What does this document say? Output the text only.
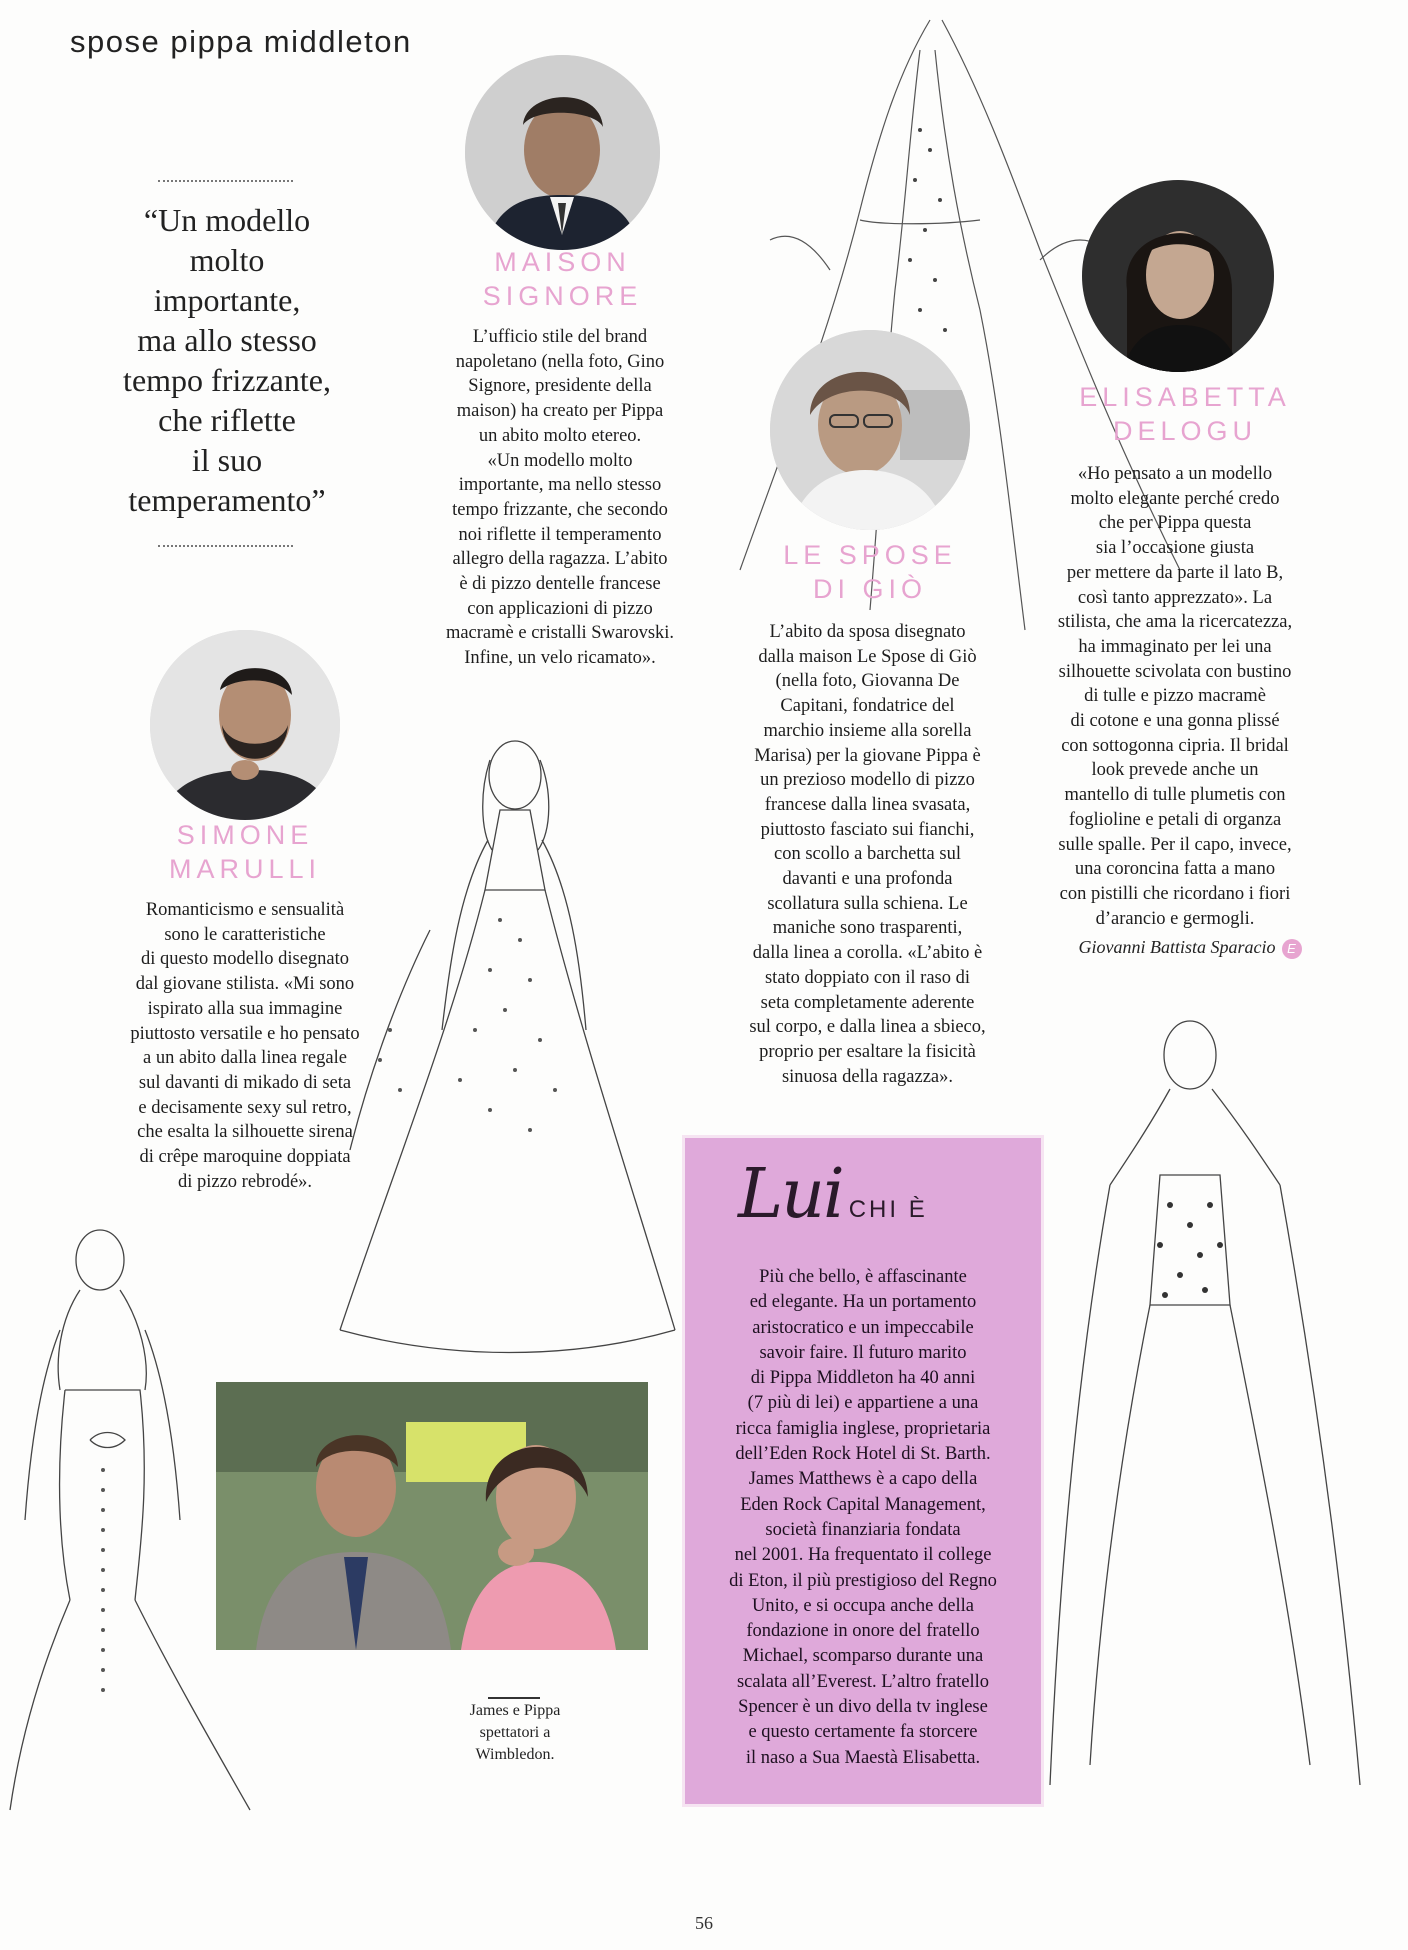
spose pippa middleton
“Un modello
molto
importante,
ma allo stesso
tempo frizzante,
che riflette
il suo
temperamento”
MAISON
SIGNORE
L’ufficio stile del brand
napoletano (nella foto, Gino
Signore, presidente della
maison) ha creato per Pippa
un abito molto etereo.
«Un modello molto
importante, ma nello stesso
tempo frizzante, che secondo
noi riflette il temperamento
allegro della ragazza. L’abito
è di pizzo dentelle francese
con applicazioni di pizzo
macramè e cristalli Swarovski.
Infine, un velo ricamato».
LE SPOSE
DI GIÒ
L’abito da sposa disegnato
dalla maison Le Spose di Giò
(nella foto, Giovanna De
Capitani, fondatrice del
marchio insieme alla sorella
Marisa) per la giovane Pippa è
un prezioso modello di pizzo
francese dalla linea svasata,
piuttosto fasciato sui fianchi,
con scollo a barchetta sul
davanti e una profonda
scollatura sulla schiena. Le
maniche sono trasparenti,
dalla linea a corolla. «L’abito è
stato doppiato con il raso di
seta completamente aderente
sul corpo, e dalla linea a sbieco,
proprio per esaltare la fisicità
sinuosa della ragazza».
ELISABETTA
DELOGU
«Ho pensato a un modello
molto elegante perché credo
che per Pippa questa
sia l’occasione giusta
per mettere da parte il lato B,
così tanto apprezzato». La
stilista, che ama la ricercatezza,
ha immaginato per lei una
silhouette scivolata con bustino
di tulle e pizzo macramè
di cotone e una gonna plissé
con sottogonna cipria. Il bridal
look prevede anche un
mantello di tulle plumetis con
foglioline e petali di organza
sulle spalle. Per il capo, invece,
una coroncina fatta a mano
con pistilli che ricordano i fiori
d’arancio e germogli.
Giovanni Battista Sparacio E
SIMONE
MARULLI
Romanticismo e sensualità
sono le caratteristiche
di questo modello disegnato
dal giovane stilista. «Mi sono
ispirato alla sua immagine
piuttosto versatile e ho pensato
a un abito dalla linea regale
sul davanti di mikado di seta
e decisamente sexy sul retro,
che esalta la silhouette sirena
di crêpe maroquine doppiata
di pizzo rebrodé».
James e Pippa
spettatori a
Wimbledon.
Lui CHI È
Più che bello, è affascinante
ed elegante. Ha un portamento
aristocratico e un impeccabile
savoir faire. Il futuro marito
di Pippa Middleton ha 40 anni
(7 più di lei) e appartiene a una
ricca famiglia inglese, proprietaria
dell’Eden Rock Hotel di St. Barth.
James Matthews è a capo della
Eden Rock Capital Management,
società finanziaria fondata
nel 2001. Ha frequentato il college
di Eton, il più prestigioso del Regno
Unito, e si occupa anche della
fondazione in onore del fratello
Michael, scomparso durante una
scalata all’Everest. L’altro fratello
Spencer è un divo della tv inglese
e questo certamente fa storcere
il naso a Sua Maestà Elisabetta.
56
